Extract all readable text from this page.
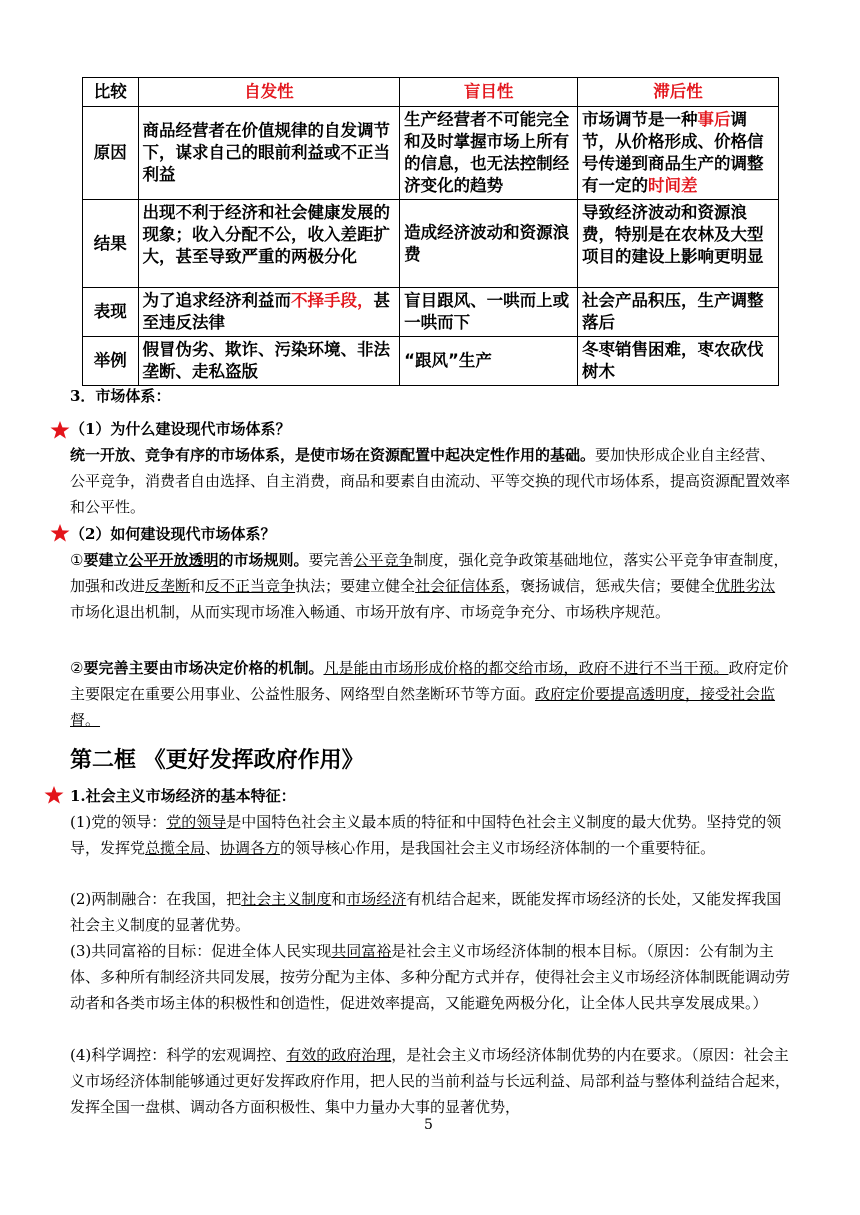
比较	自发性	盲目性	滞后性
原因	商品经营者在价值规律的自发调节下，谋求自己的眼前利益或不正当利益	生产经营者不可能完全和及时掌握市场上所有的信息，也无法控制经济变化的趋势	市场调节是一种事后调节，从价格形成、价格信号传递到商品生产的调整有一定的时间差
结果	出现不利于经济和社会健康发展的现象；收入分配不公，收入差距扩大，甚至导致严重的两极分化	造成经济波动和资源浪费	导致经济波动和资源浪费，特别是在农林及大型项目的建设上影响更明显
表现	为了追求经济利益而不择手段，甚至违反法律	盲目跟风、一哄而上或一哄而下	社会产品积压，生产调整落后
举例	假冒伪劣、欺诈、污染环境、非法垄断、走私盗版	“跟风”生产	冬枣销售困难，枣农砍伐树木
3．市场体系：
（1）为什么建设现代市场体系？
统一开放、竞争有序的市场体系，是使市场在资源配置中起决定性作用的基础。要加快形成企业自主经营、公平竞争，消费者自由选择、自主消费，商品和要素自由流动、平等交换的现代市场体系，提高资源配置效率和公平性。
（2）如何建设现代市场体系？
①要建立公平开放透明的市场规则。要完善公平竞争制度，强化竞争政策基础地位，落实公平竞争审查制度，加强和改进反垄断和反不正当竞争执法；要建立健全社会征信体系，褒扬诚信，惩戒失信；要健全优胜劣汰市场化退出机制，从而实现市场准入畅通、市场开放有序、市场竞争充分、市场秩序规范。
②要完善主要由市场决定价格的机制。凡是能由市场形成价格的都交给市场，政府不进行不当干预。政府定价主要限定在重要公用事业、公益性服务、网络型自然垄断环节等方面。政府定价要提高透明度，接受社会监督。
第二框 《更好发挥政府作用》
1.社会主义市场经济的基本特征：
(1)党的领导：党的领导是中国特色社会主义最本质的特征和中国特色社会主义制度的最大优势。坚持党的领导，发挥党总揽全局、协调各方的领导核心作用，是我国社会主义市场经济体制的一个重要特征。
(2)两制融合：在我国，把社会主义制度和市场经济有机结合起来，既能发挥市场经济的长处，又能发挥我国社会主义制度的显著优势。
(3)共同富裕的目标：促进全体人民实现共同富裕是社会主义市场经济体制的根本目标。（原因：公有制为主体、多种所有制经济共同发展，按劳分配为主体、多种分配方式并存，使得社会主义市场经济体制既能调动劳动者和各类市场主体的积极性和创造性，促进效率提高，又能避免两极分化，让全体人民共享发展成果。）
(4)科学调控：科学的宏观调控、有效的政府治理，是社会主义市场经济体制优势的内在要求。（原因：社会主义市场经济体制能够通过更好发挥政府作用，把人民的当前利益与长远利益、局部利益与整体利益结合起来，发挥全国一盘棋、调动各方面积极性、集中力量办大事的显著优势，
5
